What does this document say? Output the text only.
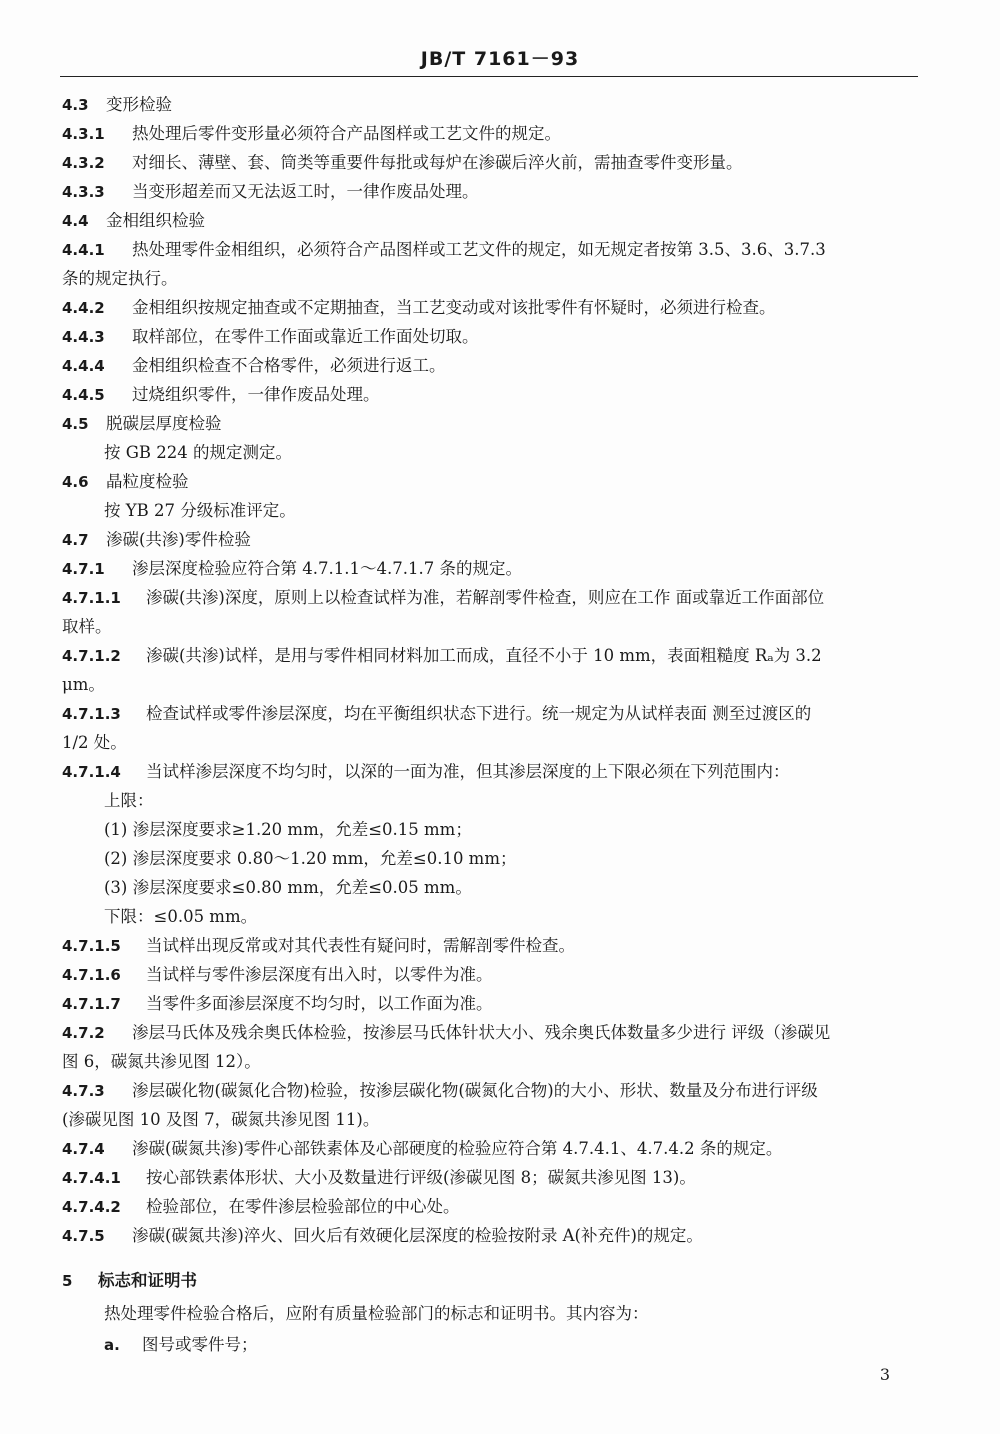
JB/T 7161－93
4.3 变形检验
4.3.1 热处理后零件变形量必须符合产品图样或工艺文件的规定。
4.3.2 对细长、薄壁、套、筒类等重要件每批或每炉在渗碳后淬火前，需抽查零件变形量。
4.3.3 当变形超差而又无法返工时，一律作废品处理。
4.4 金相组织检验
4.4.1 热处理零件金相组织，必须符合产品图样或工艺文件的规定，如无规定者按第 3.5、3.6、3.7.3
条的规定执行。
4.4.2 金相组织按规定抽查或不定期抽查，当工艺变动或对该批零件有怀疑时，必须进行检查。
4.4.3 取样部位，在零件工作面或靠近工作面处切取。
4.4.4 金相组织检查不合格零件，必须进行返工。
4.4.5 过烧组织零件，一律作废品处理。
4.5 脱碳层厚度检验
按 GB 224 的规定测定。
4.6 晶粒度检验
按 YB 27 分级标准评定。
4.7 渗碳(共渗)零件检验
4.7.1 渗层深度检验应符合第 4.7.1.1～4.7.1.7 条的规定。
4.7.1.1 渗碳(共渗)深度，原则上以检查试样为准，若解剖零件检查，则应在工作 面或靠近工作面部位
取样。
4.7.1.2 渗碳(共渗)试样，是用与零件相同材料加工而成，直径不小于 10 mm，表面粗糙度 Rₐ为 3.2
μm。
4.7.1.3 检查试样或零件渗层深度，均在平衡组织状态下进行。统一规定为从试样表面 测至过渡区的
1/2 处。
4.7.1.4 当试样渗层深度不均匀时，以深的一面为准，但其渗层深度的上下限必须在下列范围内：
上限：
(1) 渗层深度要求≥1.20 mm，允差≤0.15 mm；
(2) 渗层深度要求 0.80～1.20 mm，允差≤0.10 mm；
(3) 渗层深度要求≤0.80 mm，允差≤0.05 mm。
下限：≤0.05 mm。
4.7.1.5 当试样出现反常或对其代表性有疑问时，需解剖零件检查。
4.7.1.6 当试样与零件渗层深度有出入时，以零件为准。
4.7.1.7 当零件多面渗层深度不均匀时，以工作面为准。
4.7.2 渗层马氏体及残余奥氏体检验，按渗层马氏体针状大小、残余奥氏体数量多少进行 评级（渗碳见
图 6，碳氮共渗见图 12）。
4.7.3 渗层碳化物(碳氮化合物)检验，按渗层碳化物(碳氮化合物)的大小、形状、数量及分布进行评级
(渗碳见图 10 及图 7，碳氮共渗见图 11)。
4.7.4 渗碳(碳氮共渗)零件心部铁素体及心部硬度的检验应符合第 4.7.4.1、4.7.4.2 条的规定。
4.7.4.1 按心部铁素体形状、大小及数量进行评级(渗碳见图 8；碳氮共渗见图 13)。
4.7.4.2 检验部位，在零件渗层检验部位的中心处。
4.7.5 渗碳(碳氮共渗)淬火、回火后有效硬化层深度的检验按附录 A(补充件)的规定。
5 标志和证明书
热处理零件检验合格后，应附有质量检验部门的标志和证明书。其内容为：
a. 图号或零件号；
3
